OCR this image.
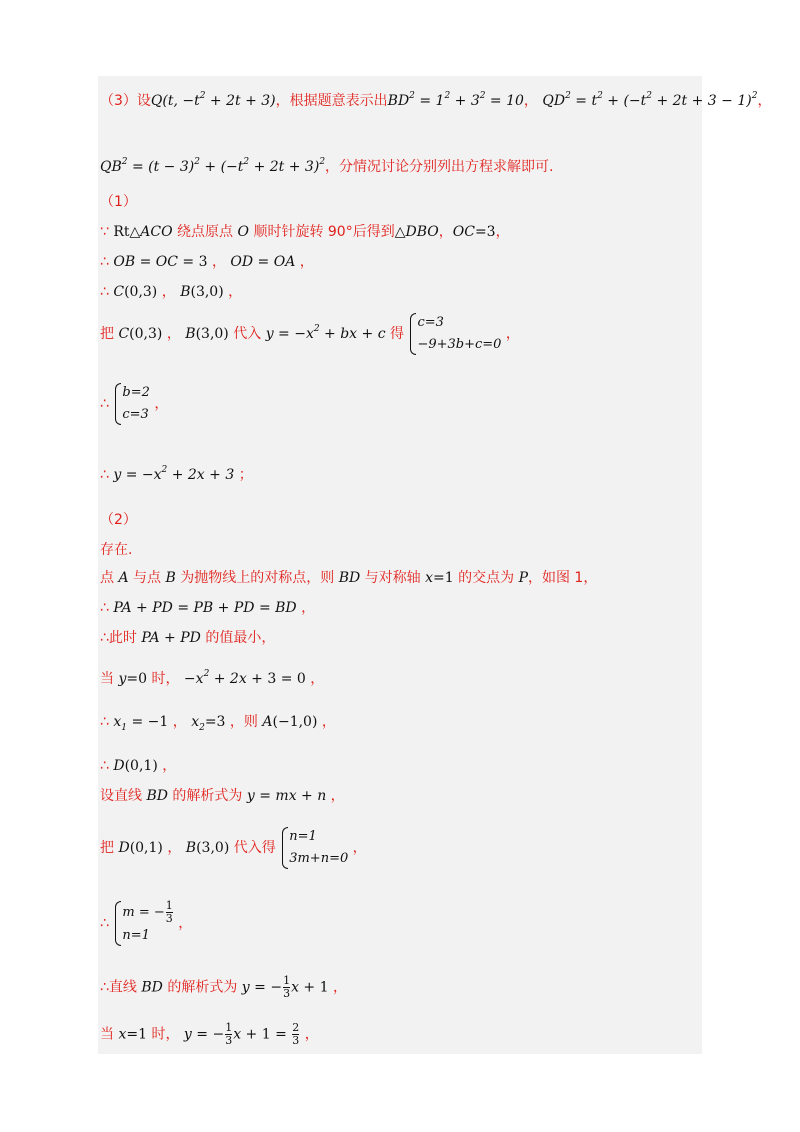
（3）设Q(t, $-t^2 + 2t + 3$)，根据题意表示出$BD^2 = 1^2 + 3^2 = 10$， $QD^2 = t^2 + (-t^2 + 2t + 3 - 1)^2$，
$QB^2 = (t - 3)^2 + (-t^2 + 2t + 3)^2$，分情况讨论分别列出方程求解即可.
（1）
∵ Rt△ACO 绕点原点 O 顺时针旋转 90°后得到△DBO，OC=3，
∴ OB = OC = 3 ， OD = OA ，
∴ C(0,3) ， B(3,0) ，
把 C(0,3) ， B(3,0) 代入 $y = -x^2$ + bx + c 得
c=3
−9+3b+c=0
，
∴
b=2
c=3
，
∴ $y = -x^2 + 2x + 3$ ；
（2）
存在.
点 A 与点 B 为抛物线上的对称点，则 BD 与对称轴 x=1 的交点为 P，如图 1，
∴ PA + PD = PB + PD = BD ，
∴此时 PA + PD 的值最小，
当 y=0 时， $-x^2 + 2x + 3 = 0$ ，
∴ $x_1 = -1$ ， $x_2=3$ ，则 A(−1,0) ，
∴ D(0,1) ，
设直线 BD 的解析式为 y = mx + n ，
把 D(0,1) ， B(3,0) 代入得
n=1
3m+n=0
，
∴
m = − $\frac{1}{3}$
n=1
，
∴直线 BD 的解析式为 y = − $\frac{1}{3}$ x + 1 ，
当 x=1 时， y = − $\frac{1}{3}$ $x + 1 = \frac{2}{3}$ ，
